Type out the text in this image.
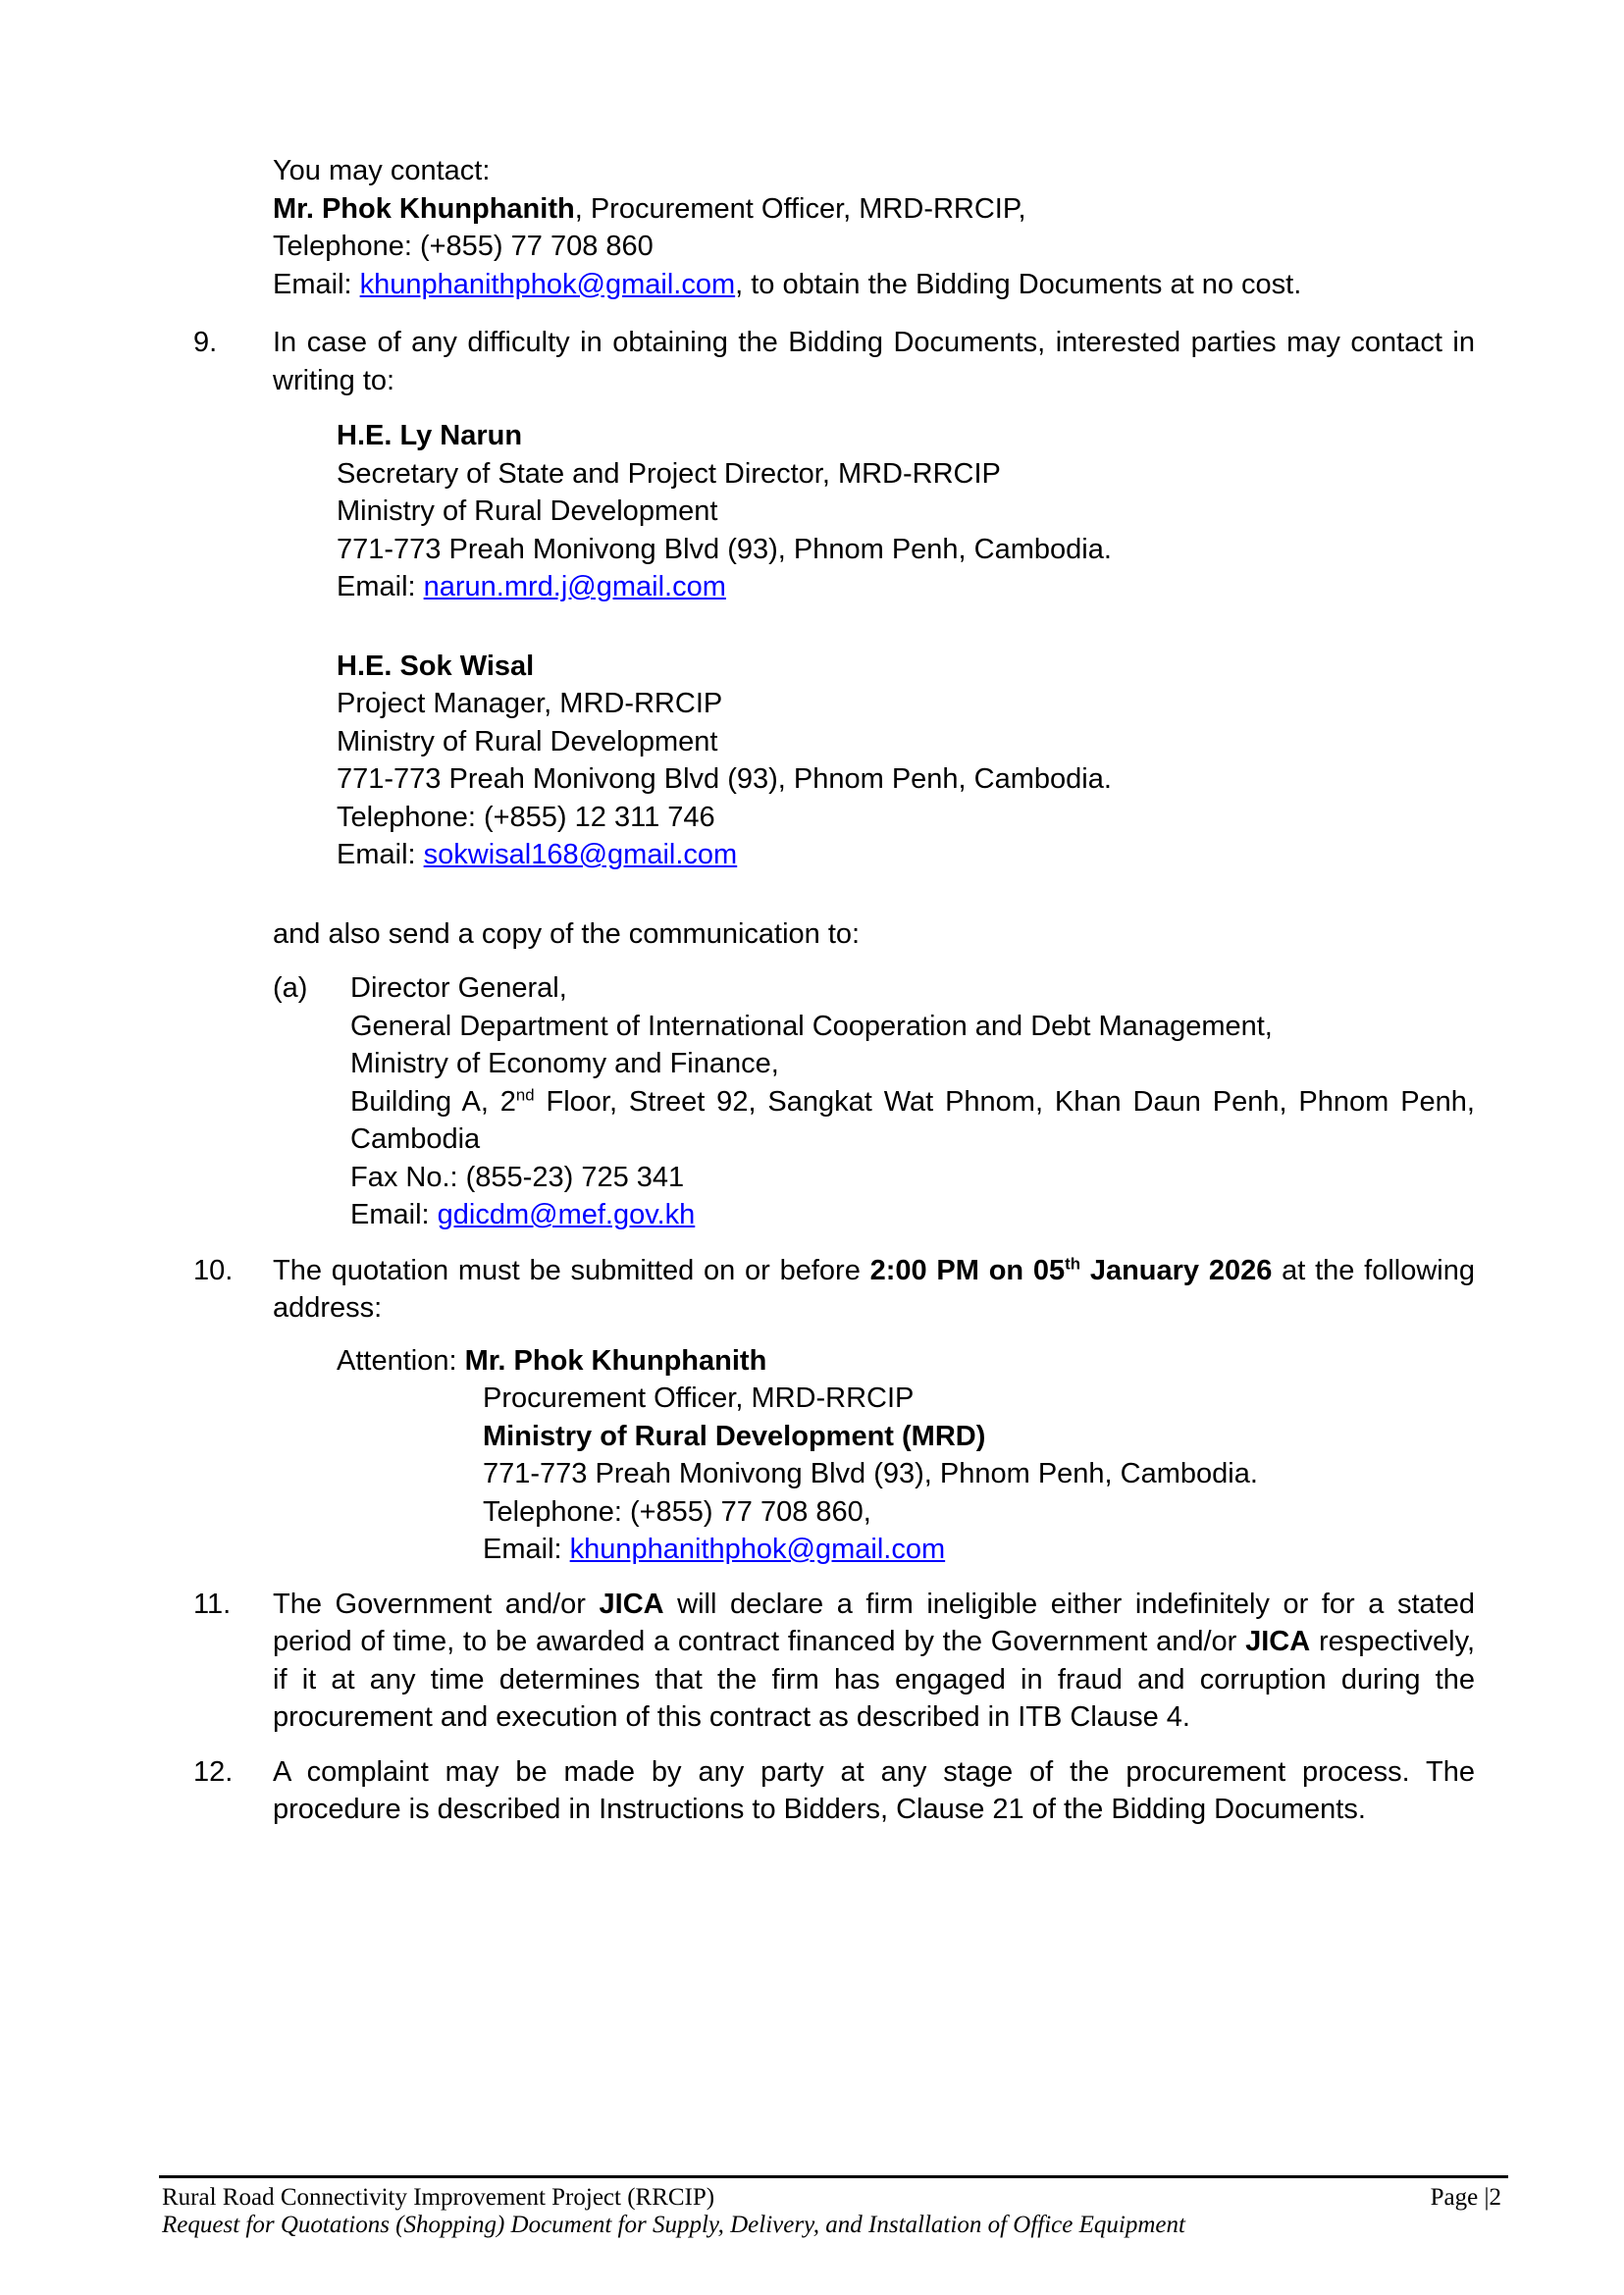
You may contact:
Mr. Phok Khunphanith, Procurement Officer, MRD-RRCIP,
Telephone: (+855) 77 708 860
Email: khunphanithphok@gmail.com, to obtain the Bidding Documents at no cost.
9. In case of any difficulty in obtaining the Bidding Documents, interested parties may contact in writing to:
H.E. Ly Narun
Secretary of State and Project Director, MRD-RRCIP
Ministry of Rural Development
771-773 Preah Monivong Blvd (93), Phnom Penh, Cambodia.
Email: narun.mrd.j@gmail.com
H.E. Sok Wisal
Project Manager, MRD-RRCIP
Ministry of Rural Development
771-773 Preah Monivong Blvd (93), Phnom Penh, Cambodia.
Telephone: (+855) 12 311 746
Email: sokwisal168@gmail.com
and also send a copy of the communication to:
(a) Director General,
General Department of International Cooperation and Debt Management,
Ministry of Economy and Finance,
Building A, 2nd Floor, Street 92, Sangkat Wat Phnom, Khan Daun Penh, Phnom Penh, Cambodia
Fax No.: (855-23) 725 341
Email: gdicdm@mef.gov.kh
10. The quotation must be submitted on or before 2:00 PM on 05th January 2026 at the following address:
Attention: Mr. Phok Khunphanith
Procurement Officer, MRD-RRCIP
Ministry of Rural Development (MRD)
771-773 Preah Monivong Blvd (93), Phnom Penh, Cambodia.
Telephone: (+855) 77 708 860,
Email: khunphanithphok@gmail.com
11. The Government and/or JICA will declare a firm ineligible either indefinitely or for a stated period of time, to be awarded a contract financed by the Government and/or JICA respectively, if it at any time determines that the firm has engaged in fraud and corruption during the procurement and execution of this contract as described in ITB Clause 4.
12. A complaint may be made by any party at any stage of the procurement process. The procedure is described in Instructions to Bidders, Clause 21 of the Bidding Documents.
Rural Road Connectivity Improvement Project (RRCIP)	Page |2
Request for Quotations (Shopping) Document for Supply, Delivery, and Installation of Office Equipment
